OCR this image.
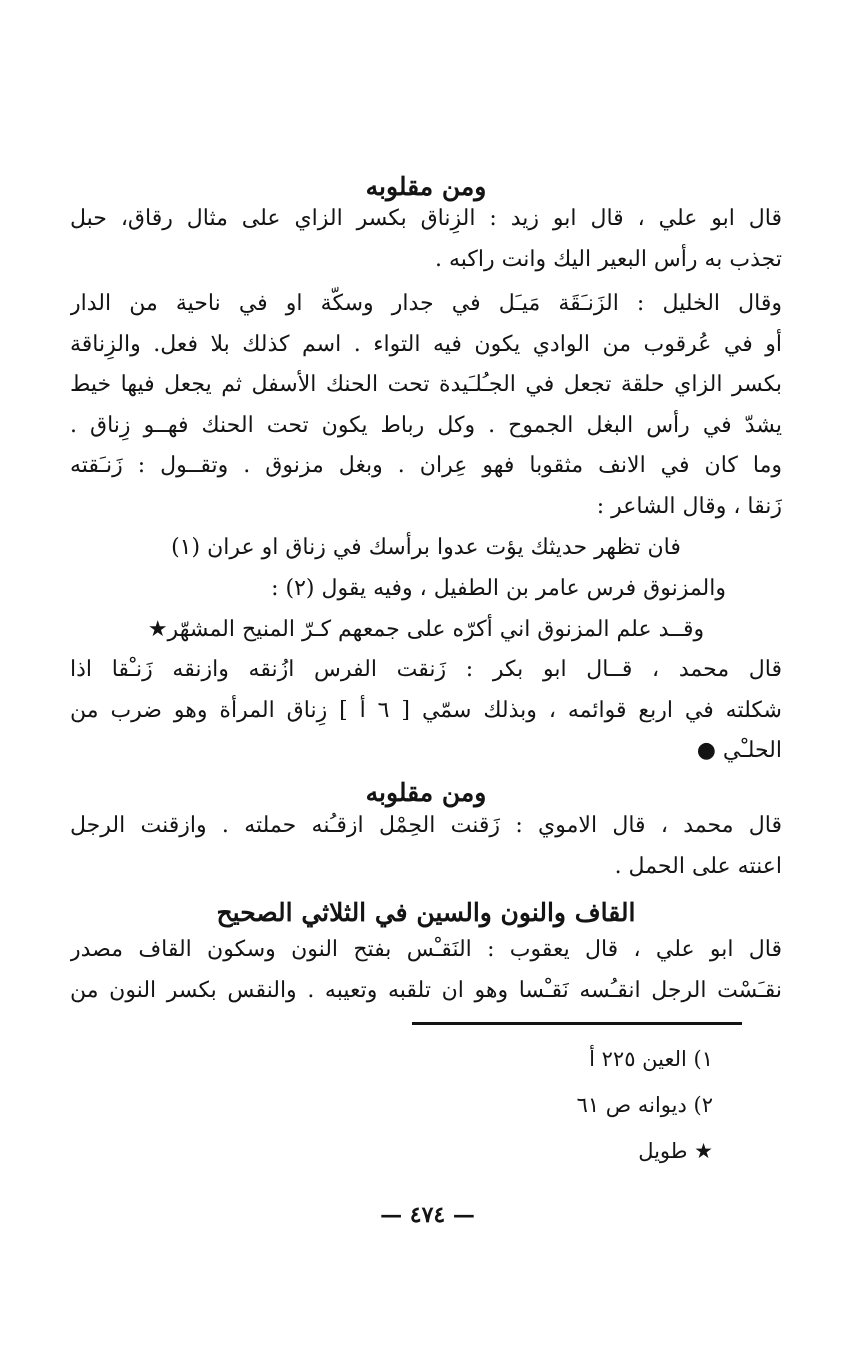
ومن مقلوبه
قال ابو علي ، قال ابو زيد : الزِناق بكسر الزاي على مثال رقاق، حبل
تجذب به رأس البعير اليك وانت راكبه .
وقال الخليل : الزَنـَقَة مَيـَل في جدار وسكّة او في ناحية من الدار
أو في عُرقوب من الوادي يكون فيه التواء . اسم كذلك بلا فعل. والزِناقة
بكسر الزاي حلقة تجعل في الجـُلـَيدة تحت الحنك الأسفل ثم يجعل فيها خيط
يشدّ في رأس البغل الجموح . وكل رباط يكون تحت الحنك فهــو زِناق .
وما كان في الانف مثقوبا فهو عِران . وبغل مزنوق . وتقــول : زَنـَقته
زَنقا ، وقال الشاعر :
فان تظهر حديثك يؤت عدوا برأسك في زناق او عران (١)
والمزنوق فرس عامر بن الطفيل ، وفيه يقول (٢) :
وقــد علم المزنوق اني أكرّه على جمعهم كـرّ المنيح المشهّر★
قال محمد ، قــال ابو بكر : زَنقت الفرس ازُنقه وازنقه زَنـْقا اذا
شكلته في اربع قوائمه ، وبذلك سمّي [ ٦ أ ] زِناق المرأة وهو ضرب من
الحلـْي ●
ومن مقلوبه
قال محمد ، قال الاموي : زَقنت الحِمْل ازقـُنه حملته . وازقنت الرجل
اعنته على الحمل .
القاف والنون والسين في الثلاثي الصحيح
قال ابو علي ، قال يعقوب : النَقـْس بفتح النون وسكون القاف مصدر
نقـَسْت الرجل انقـُسه نَقـْسا وهو ان تلقبه وتعيبه . والنقس بكسر النون من
١) العين ٢٢٥ أ
٢) ديوانه ص ٦١
★ طويل
— ٤٧٤ —
